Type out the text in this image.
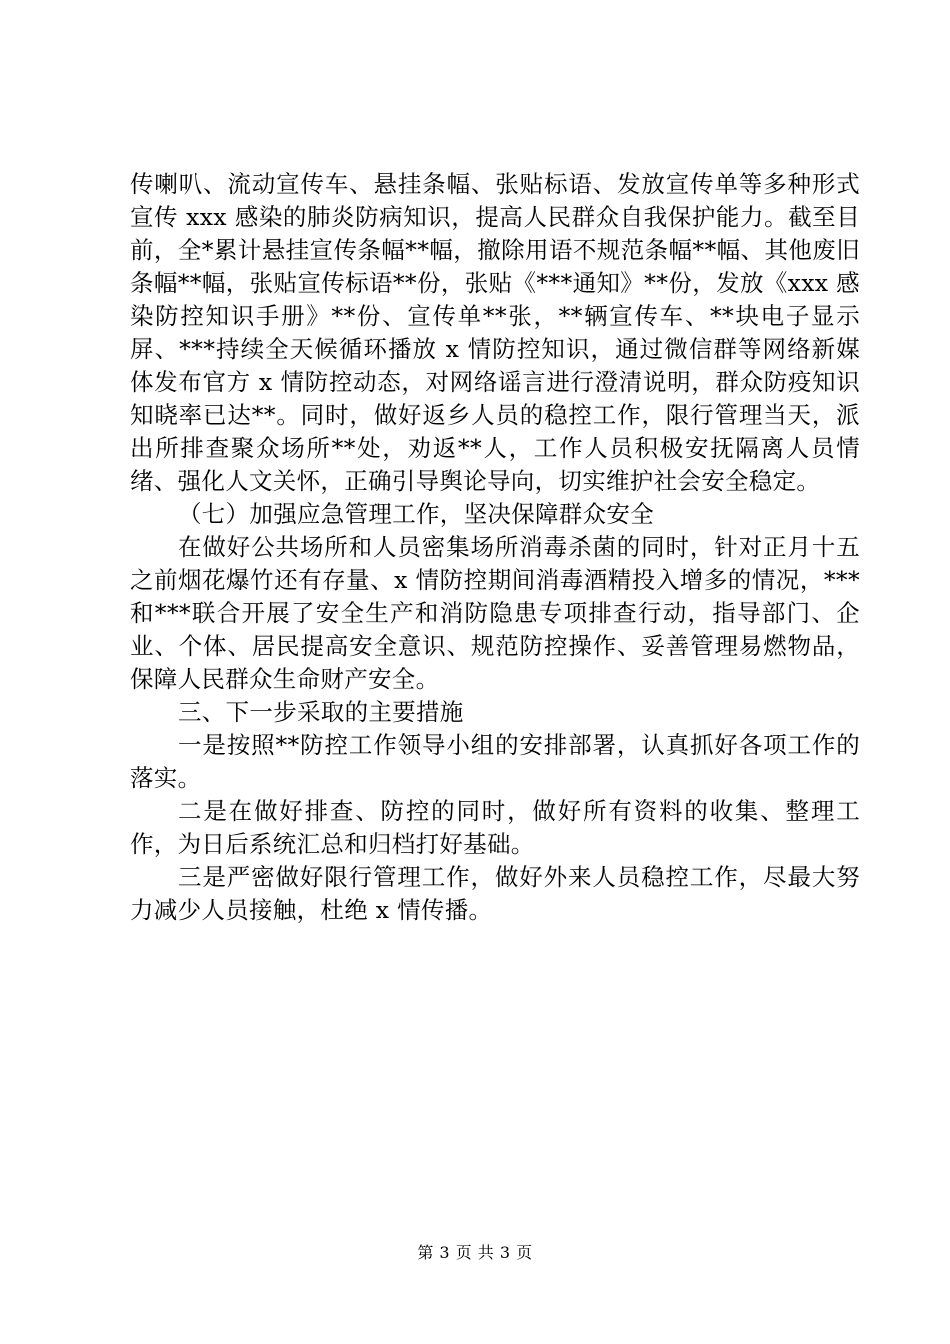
传喇叭、流动宣传车、悬挂条幅、张贴标语、发放宣传单等多种形式宣传 xxx 感染的肺炎防病知识，提高人民群众自我保护能力。截至目前，全*累计悬挂宣传条幅**幅，撤除用语不规范条幅**幅、其他废旧条幅**幅，张贴宣传标语**份，张贴《***通知》**份，发放《xxx 感染防控知识手册》**份、宣传单**张，**辆宣传车、**块电子显示屏、***持续全天候循环播放 x 情防控知识，通过微信群等网络新媒体发布官方 x 情防控动态，对网络谣言进行澄清说明，群众防疫知识知晓率已达**。同时，做好返乡人员的稳控工作，限行管理当天，派出所排查聚众场所**处，劝返**人，工作人员积极安抚隔离人员情绪、强化人文关怀，正确引导舆论导向，切实维护社会安全稳定。

（七）加强应急管理工作，坚决保障群众安全

在做好公共场所和人员密集场所消毒杀菌的同时，针对正月十五之前烟花爆竹还有存量、x 情防控期间消毒酒精投入增多的情况，***和***联合开展了安全生产和消防隐患专项排查行动，指导部门、企业、个体、居民提高安全意识、规范防控操作、妥善管理易燃物品，保障人民群众生命财产安全。

三、下一步采取的主要措施

一是按照**防控工作领导小组的安排部署，认真抓好各项工作的落实。

二是在做好排查、防控的同时，做好所有资料的收集、整理工作，为日后系统汇总和归档打好基础。

三是严密做好限行管理工作，做好外来人员稳控工作，尽最大努力减少人员接触，杜绝 x 情传播。

第 3 页 共 3 页
